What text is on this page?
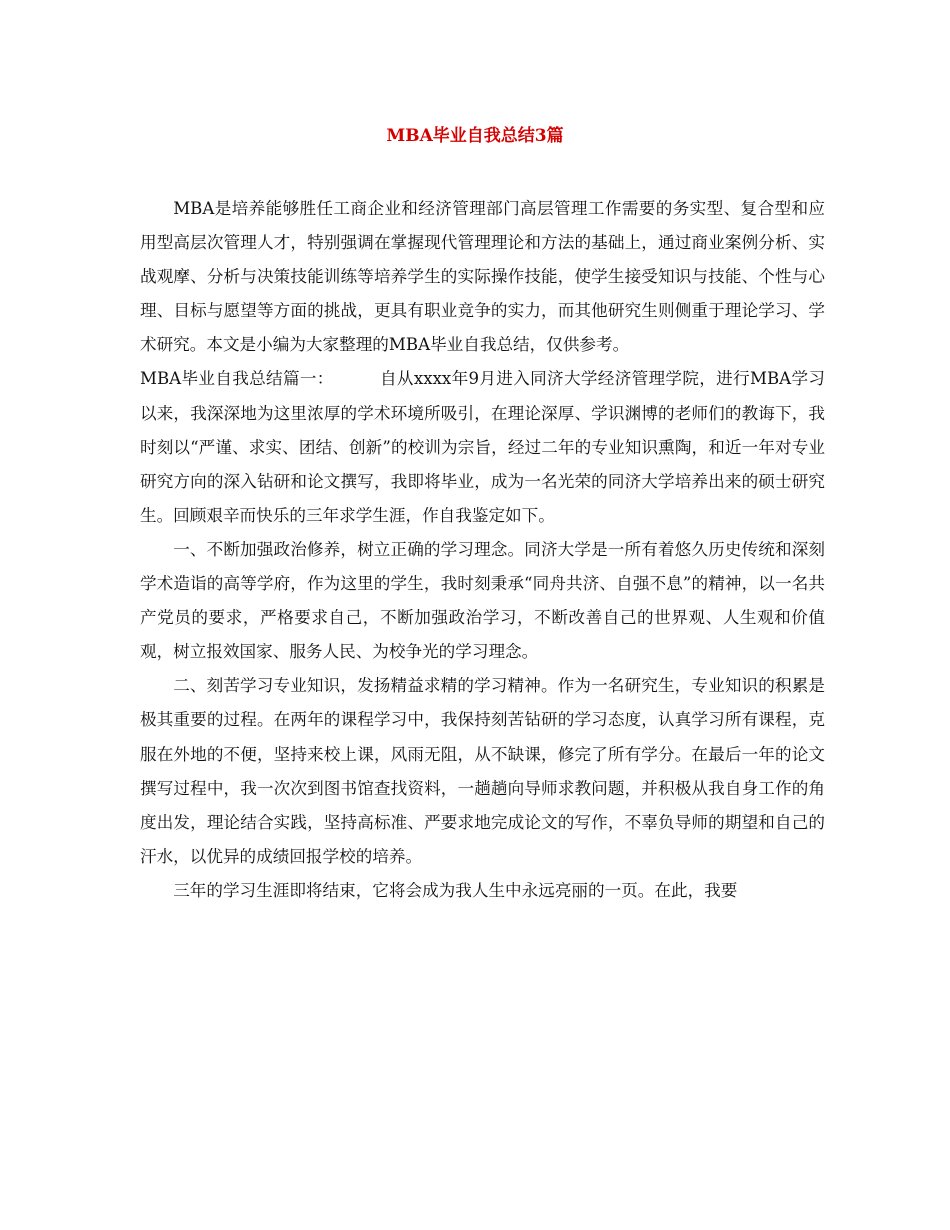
MBA毕业自我总结3篇

MBA是培养能够胜任工商企业和经济管理部门高层管理工作需要的务实型、复合型和应用型高层次管理人才，特别强调在掌握现代管理理论和方法的基础上，通过商业案例分析、实战观摩、分析与决策技能训练等培养学生的实际操作技能，使学生接受知识与技能、个性与心理、目标与愿望等方面的挑战，更具有职业竞争的实力，而其他研究生则侧重于理论学习、学术研究。本文是小编为大家整理的MBA毕业自我总结，仅供参考。

MBA毕业自我总结篇一：	自从xxxx年9月进入同济大学经济管理学院，进行MBA学习以来，我深深地为这里浓厚的学术环境所吸引，在理论深厚、学识渊博的老师们的教诲下，我时刻以“严谨、求实、团结、创新”的校训为宗旨，经过二年的专业知识熏陶，和近一年对专业研究方向的深入钻研和论文撰写，我即将毕业，成为一名光荣的同济大学培养出来的硕士研究生。回顾艰辛而快乐的三年求学生涯，作自我鉴定如下。

一、不断加强政治修养，树立正确的学习理念。同济大学是一所有着悠久历史传统和深刻学术造诣的高等学府，作为这里的学生，我时刻秉承“同舟共济、自强不息”的精神，以一名共产党员的要求，严格要求自己，不断加强政治学习，不断改善自己的世界观、人生观和价值观，树立报效国家、服务人民、为校争光的学习理念。

二、刻苦学习专业知识，发扬精益求精的学习精神。作为一名研究生，专业知识的积累是极其重要的过程。在两年的课程学习中，我保持刻苦钻研的学习态度，认真学习所有课程，克服在外地的不便，坚持来校上课，风雨无阻，从不缺课，修完了所有学分。在最后一年的论文撰写过程中，我一次次到图书馆查找资料，一趟趟向导师求教问题，并积极从我自身工作的角度出发，理论结合实践，坚持高标准、严要求地完成论文的写作，不辜负导师的期望和自己的汗水，以优异的成绩回报学校的培养。

三年的学习生涯即将结束，它将会成为我人生中永远亮丽的一页。在此，我要
